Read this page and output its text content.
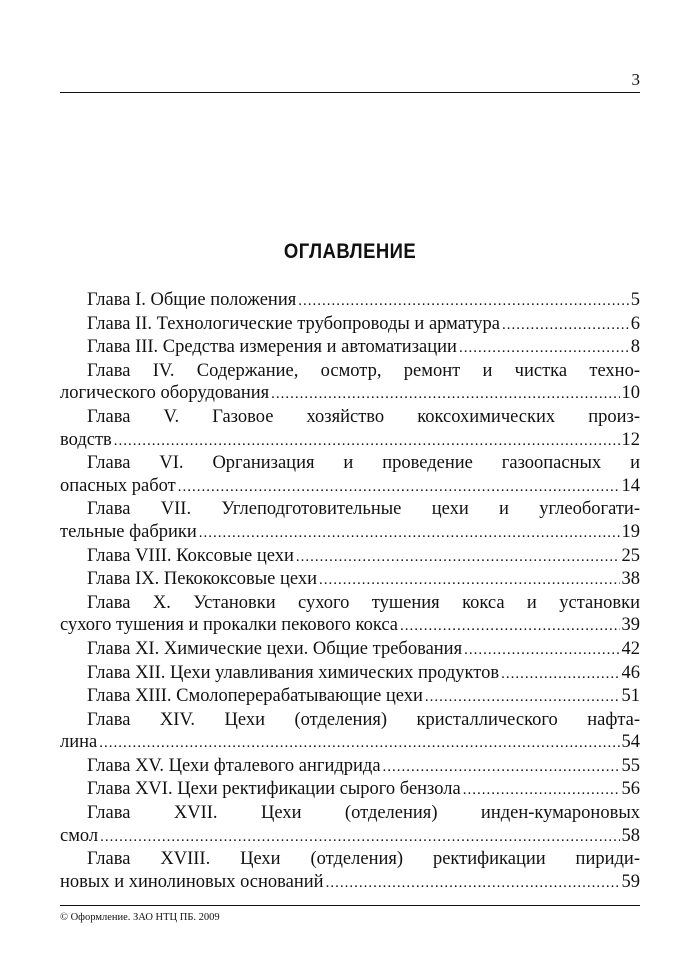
3
ОГЛАВЛЕНИЕ
Глава I. Общие положения .....	5
Глава II. Технологические трубопроводы и арматура .....	6
Глава III. Средства измерения и автоматизации .....	8
Глава IV. Содержание, осмотр, ремонт и чистка техно-
логического оборудования .....	10
Глава V. Газовое хозяйство коксохимических произ-
водств .....	12
Глава VI. Организация и проведение газоопасных и
опасных работ .....	14
Глава VII. Углеподготовительные цехи и углеобогати-
тельные фабрики .....	19
Глава VIII. Коксовые цехи .....	25
Глава IX. Пекококсовые цехи .....	38
Глава X. Установки сухого тушения кокса и установки
сухого тушения и прокалки пекового кокса .....	39
Глава XI. Химические цехи. Общие требования .....	42
Глава XII. Цехи улавливания химических продуктов .....	46
Глава XIII. Смолоперерабатывающие цехи .....	51
Глава XIV. Цехи (отделения) кристаллического нафта-
лина .....	54
Глава XV. Цехи фталевого ангидрида .....	55
Глава XVI. Цехи ректификации сырого бензола .....	56
Глава XVII. Цехи (отделения) инден-кумароновых
смол .....	58
Глава XVIII. Цехи (отделения) ректификации пириди-
новых и хинолиновых оснований .....	59
© Оформление. ЗАО НТЦ ПБ. 2009
